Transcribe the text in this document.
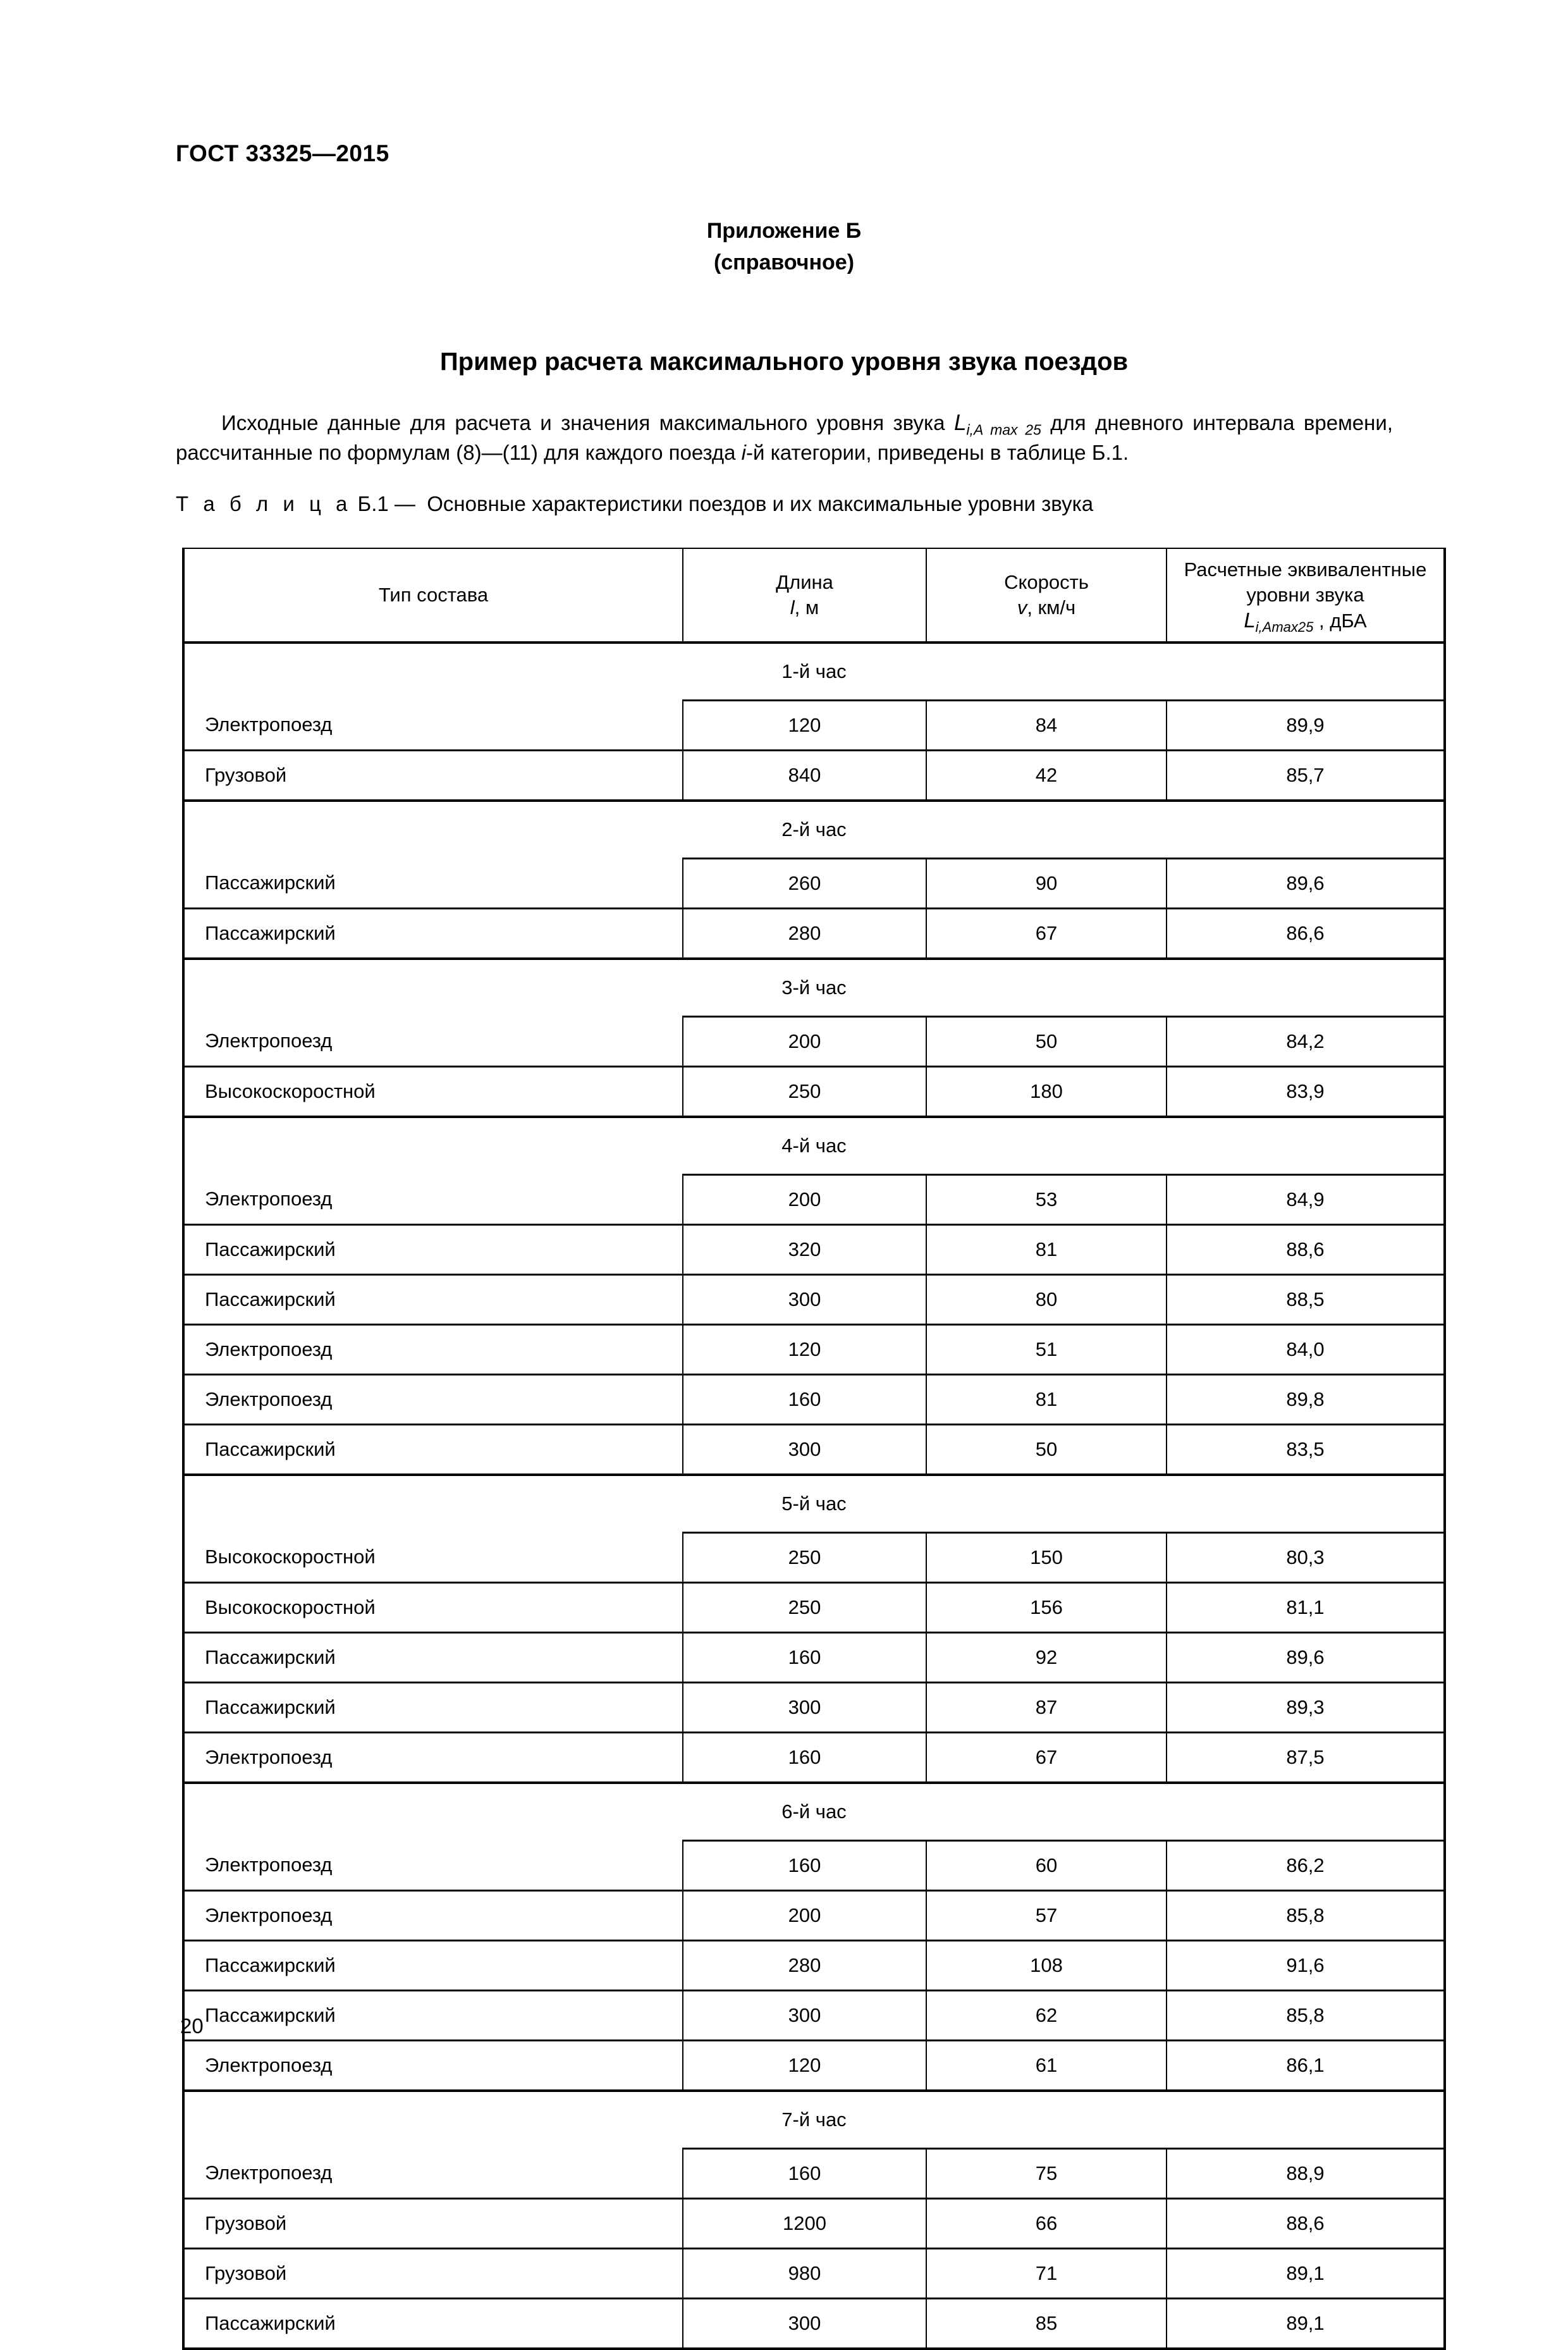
ГОСТ 33325—2015
Приложение Б
(справочное)
Пример расчета максимального уровня звука поездов
Исходные данные для расчета и значения максимального уровня звука $L_{i,A max 25}$ для дневного интервала времени, рассчитанные по формулам (8)—(11) для каждого поезда i-й категории, приведены в таблице Б.1.
Т а б л и ц а Б.1 — Основные характеристики поездов и их максимальные уровни звука
Тип состава

Длина
l, м

Скорость
v, км/ч

Расчетные эквивалентные
уровни звука
$L_{i,Amax25}$ , дБА

1-й час			
Электропоезд	120	84	89,9
Грузовой	840	42	85,7
2-й час			
Пассажирский	260	90	89,6
Пассажирский	280	67	86,6
3-й час			
Электропоезд	200	50	84,2
Высокоскоростной	250	180	83,9
4-й час			
Электропоезд	200	53	84,9
Пассажирский	320	81	88,6
Пассажирский	300	80	88,5
Электропоезд	120	51	84,0
Электропоезд	160	81	89,8
Пассажирский	300	50	83,5
5-й час			
Высокоскоростной	250	150	80,3
Высокоскоростной	250	156	81,1
Пассажирский	160	92	89,6
Пассажирский	300	87	89,3
Электропоезд	160	67	87,5
6-й час			
Электропоезд	160	60	86,2
Электропоезд	200	57	85,8
Пассажирский	280	108	91,6
Пассажирский	300	62	85,8
Электропоезд	120	61	86,1
7-й час			
Электропоезд	160	75	88,9
Грузовой	1200	66	88,6
Грузовой	980	71	89,1
Пассажирский	300	85	89,1
20
